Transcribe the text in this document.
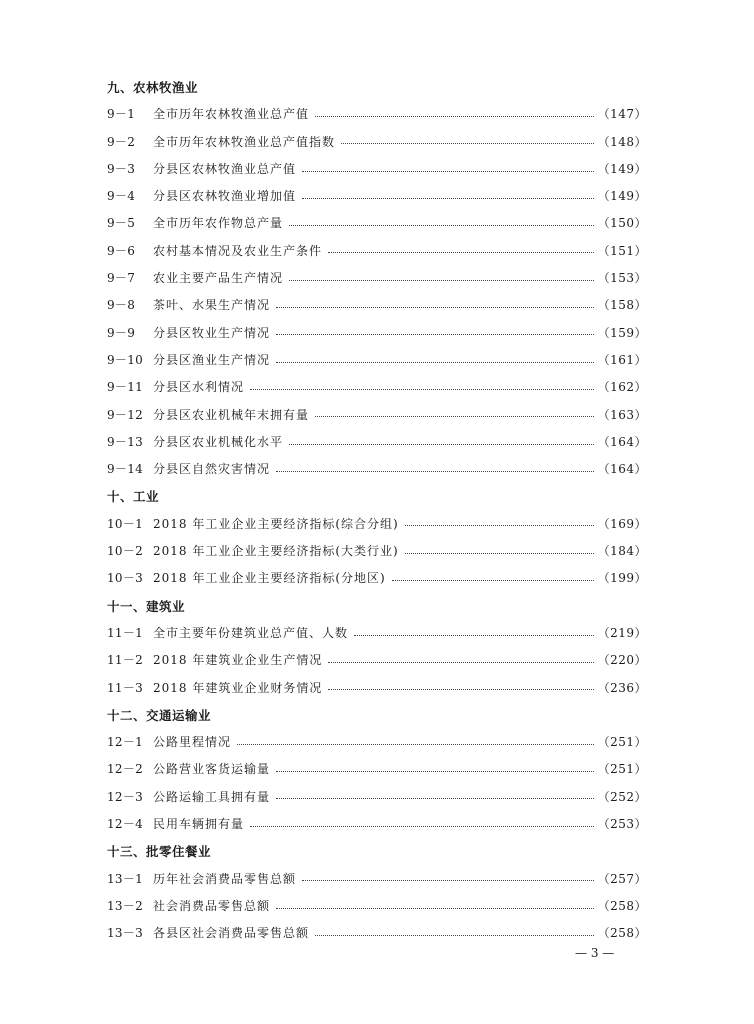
九、农林牧渔业
9－1	全市历年农林牧渔业总产值	（147）
9－2	全市历年农林牧渔业总产值指数	（148）
9－3	分县区农林牧渔业总产值	（149）
9－4	分县区农林牧渔业增加值	（149）
9－5	全市历年农作物总产量	（150）
9－6	农村基本情况及农业生产条件	（151）
9－7	农业主要产品生产情况	（153）
9－8	茶叶、水果生产情况	（158）
9－9	分县区牧业生产情况	（159）
9－10 分县区渔业生产情况	（161）
9－11 分县区水利情况	（162）
9－12 分县区农业机械年末拥有量	（163）
9－13 分县区农业机械化水平	（164）
9－14 分县区自然灾害情况	（164）
十、工业
10－1 2018 年工业企业主要经济指标(综合分组)	（169）
10－2 2018 年工业企业主要经济指标(大类行业)	（184）
10－3 2018 年工业企业主要经济指标(分地区)	（199）
十一、建筑业
11－1 全市主要年份建筑业总产值、人数	（219）
11－2 2018 年建筑业企业生产情况	（220）
11－3 2018 年建筑业企业财务情况	（236）
十二、交通运输业
12－1 公路里程情况	（251）
12－2 公路营业客货运输量	（251）
12－3 公路运输工具拥有量	（252）
12－4 民用车辆拥有量	（253）
十三、批零住餐业
13－1 历年社会消费品零售总额	（257）
13－2 社会消费品零售总额	（258）
13－3 各县区社会消费品零售总额	（258）
— 3 —
